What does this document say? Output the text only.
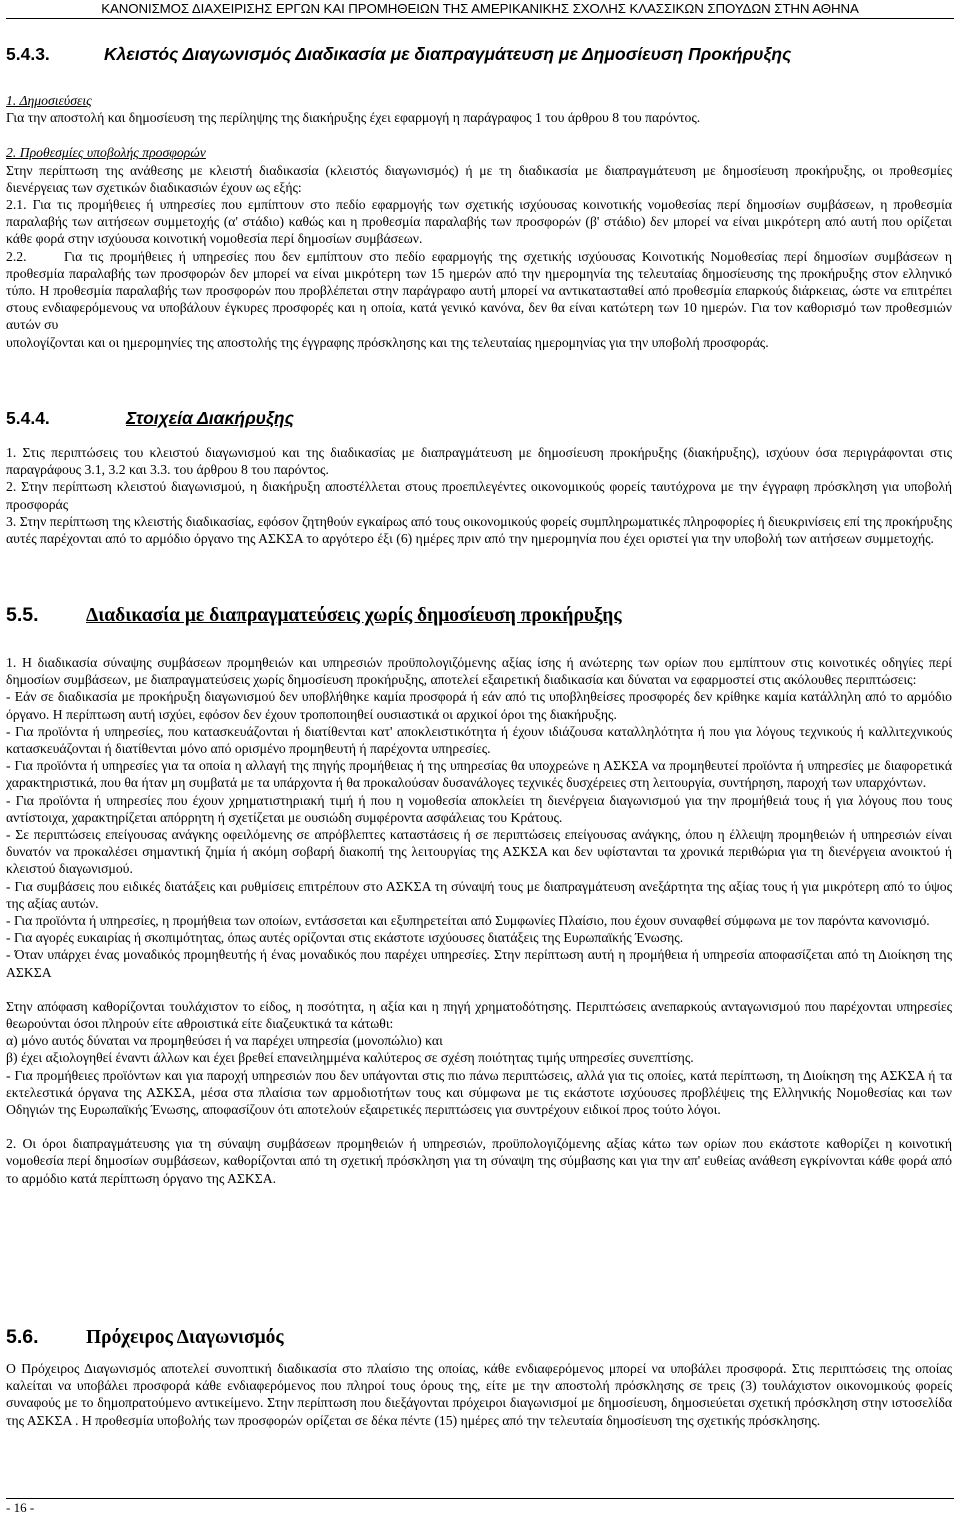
ΚΑΝΟΝΙΣΜΟΣ ΔΙΑΧΕΙΡΙΣΗΣ ΕΡΓΩΝ ΚΑΙ ΠΡΟΜΗΘΕΙΩΝ ΤΗΣ ΑΜΕΡΙΚΑΝΙΚΗΣ ΣΧΟΛΗΣ ΚΛΑΣΣΙΚΩΝ ΣΠΟΥΔΩΝ ΣΤΗΝ ΑΘΗΝΑ
5.4.3.	Κλειστός Διαγωνισμός Διαδικασία με διαπραγμάτευση με Δημοσίευση Προκήρυξης

1. Δημοσιεύσεις

Για την αποστολή και δημοσίευση της περίληψης της διακήρυξης έχει εφαρμογή η παράγραφος 1 του άρθρου 8 του παρόντος.

2. Προθεσμίες υποβολής προσφορών

Στην περίπτωση της ανάθεσης με κλειστή διαδικασία (κλειστός διαγωνισμός) ή με τη διαδικασία με διαπραγμάτευση με δημοσίευση προκήρυξης, οι προθεσμίες διενέργειας των σχετικών διαδικασιών έχουν ως εξής:

2.1. Για τις προμήθειες ή υπηρεσίες που εμπίπτουν στο πεδίο εφαρμογής των σχετικής ισχύουσας κοινοτικής νομοθεσίας περί δημοσίων συμβάσεων, η προθεσμία παραλαβής των αιτήσεων συμμετοχής (α' στάδιο) καθώς και η προθεσμία παραλαβής των προσφορών (β' στάδιο) δεν μπορεί να είναι μικρότερη από αυτή που ορίζεται κάθε φορά στην ισχύουσα κοινοτική νομοθεσία περί δημοσίων συμβάσεων.

2.2.	Για τις προμήθειες ή υπηρεσίες που δεν εμπίπτουν στο πεδίο εφαρμογής της σχετικής ισχύουσας Κοινοτικής Νομοθεσίας περί δημοσίων συμβάσεων η προθεσμία παραλαβής των προσφορών δεν μπορεί να είναι μικρότερη των 15 ημερών από την ημερομηνία της τελευταίας δημοσίευσης της προκήρυξης στον ελληνικό τύπο. Η προθεσμία παραλαβής των προσφορών που προβλέπεται στην παράγραφο αυτή μπορεί να αντικατασταθεί από προθεσμία επαρκούς διάρκειας, ώστε να επιτρέπει στους ενδιαφερόμενους να υποβάλουν έγκυρες προσφορές και η οποία, κατά γενικό κανόνα, δεν θα είναι κατώτερη των 10 ημερών. Για τον καθορισμό των προθεσμιών αυτών συ

υπολογίζονται και οι ημερομηνίες της αποστολής της έγγραφης πρόσκλησης και της τελευταίας ημερομηνίας για την υποβολή προσφοράς.

5.4.4.	Στοιχεία Διακήρυξης

1. Στις περιπτώσεις του κλειστού διαγωνισμού και της διαδικασίας με διαπραγμάτευση με δημοσίευση προκήρυξης (διακήρυξης), ισχύουν όσα περιγράφονται στις παραγράφους 3.1, 3.2 και 3.3. του άρθρου 8 του παρόντος.

2. Στην περίπτωση κλειστού διαγωνισμού, η διακήρυξη αποστέλλεται στους προεπιλεγέντες οικονομικούς φορείς ταυτόχρονα με την έγγραφη πρόσκληση για υποβολή προσφοράς

3. Στην περίπτωση της κλειστής διαδικασίας, εφόσον ζητηθούν εγκαίρως από τους οικονομικούς φορείς συμπληρωματικές πληροφορίες ή διευκρινίσεις επί της προκήρυξης αυτές παρέχονται από το αρμόδιο όργανο της ΑΣΚΣΑ το αργότερο έξι (6) ημέρες πριν από την ημερομηνία που έχει οριστεί για την υποβολή των αιτήσεων συμμετοχής.

5.5. Διαδικασία με διαπραγματεύσεις χωρίς δημοσίευση προκήρυξης

1. Η διαδικασία σύναψης συμβάσεων προμηθειών και υπηρεσιών προϋπολογιζόμενης αξίας ίσης ή ανώτερης των ορίων που εμπίπτουν στις κοινοτικές οδηγίες περί δημοσίων συμβάσεων, με διαπραγματεύσεις χωρίς δημοσίευση προκήρυξης, αποτελεί εξαιρετική διαδικασία και δύναται να εφαρμοστεί στις ακόλουθες περιπτώσεις:

- Εάν σε διαδικασία με προκήρυξη διαγωνισμού δεν υποβλήθηκε καμία προσφορά ή εάν από τις υποβληθείσες προσφορές δεν κρίθηκε καμία κατάλληλη από το αρμόδιο όργανο. Η περίπτωση αυτή ισχύει, εφόσον δεν έχουν τροποποιηθεί ουσιαστικά οι αρχικοί όροι της διακήρυξης.

- Για προϊόντα ή υπηρεσίες, που κατασκευάζονται ή διατίθενται κατ' αποκλειστικότητα ή έχουν ιδιάζουσα καταλληλότητα ή που για λόγους τεχνικούς ή καλλιτεχνικούς κατασκευάζονται ή διατίθενται μόνο από ορισμένο προμηθευτή ή παρέχοντα υπηρεσίες.

- Για προϊόντα ή υπηρεσίες για τα οποία η αλλαγή της πηγής προμήθειας ή της υπηρεσίας θα υποχρεώνε η ΑΣΚΣΑ να προμηθευτεί προϊόντα ή υπηρεσίες με διαφορετικά χαρακτηριστικά, που θα ήταν μη συμβατά με τα υπάρχοντα ή θα προκαλούσαν δυσανάλογες τεχνικές δυσχέρειες στη λειτουργία, συντήρηση, παροχή των υπαρχόντων.

- Για προϊόντα ή υπηρεσίες που έχουν χρηματιστηριακή τιμή ή που η νομοθεσία αποκλείει τη διενέργεια διαγωνισμού για την προμήθειά τους ή για λόγους που τους αντίστοιχα, χαρακτηρίζεται απόρρητη ή σχετίζεται με ουσιώδη συμφέροντα ασφάλειας του Κράτους.

- Σε περιπτώσεις επείγουσας ανάγκης οφειλόμενης σε απρόβλεπτες καταστάσεις ή σε περιπτώσεις επείγουσας ανάγκης, όπου η έλλειψη προμηθειών ή υπηρεσιών είναι δυνατόν να προκαλέσει σημαντική ζημία ή ακόμη σοβαρή διακοπή της λειτουργίας της ΑΣΚΣΑ και δεν υφίστανται τα χρονικά περιθώρια για τη διενέργεια ανοικτού ή κλειστού διαγωνισμού.

- Για συμβάσεις που ειδικές διατάξεις και ρυθμίσεις επιτρέπουν στο ΑΣΚΣΑ τη σύναψή τους με διαπραγμάτευση ανεξάρτητα της αξίας τους ή για μικρότερη από το ύψος της αξίας αυτών.

- Για προϊόντα ή υπηρεσίες, η προμήθεια των οποίων, εντάσσεται και εξυπηρετείται από Συμφωνίες Πλαίσιο, που έχουν συναφθεί σύμφωνα με τον παρόντα κανονισμό.

- Για αγορές ευκαιρίας ή σκοπιμότητας, όπως αυτές ορίζονται στις εκάστοτε ισχύουσες διατάξεις της Ευρωπαϊκής Ένωσης.

- Όταν υπάρχει ένας μοναδικός προμηθευτής ή ένας μοναδικός που παρέχει υπηρεσίες. Στην περίπτωση αυτή η προμήθεια ή υπηρεσία αποφασίζεται από τη Διοίκηση της ΑΣΚΣΑ

Στην απόφαση καθορίζονται τουλάχιστον το είδος, η ποσότητα, η αξία και η πηγή χρηματοδότησης. Περιπτώσεις ανεπαρκούς ανταγωνισμού που παρέχονται υπηρεσίες θεωρούνται όσοι πληρούν είτε αθροιστικά είτε διαζευκτικά τα κάτωθι:

α) μόνο αυτός δύναται να προμηθεύσει ή να παρέχει υπηρεσία (μονοπώλιο) και

β) έχει αξιολογηθεί έναντι άλλων και έχει βρεθεί επανειλημμένα καλύτερος σε σχέση ποιότητας τιμής υπηρεσίες συνεπτίσης.

- Για προμήθειες προϊόντων και για παροχή υπηρεσιών που δεν υπάγονται στις πιο πάνω περιπτώσεις, αλλά για τις οποίες, κατά περίπτωση, τη Διοίκηση της ΑΣΚΣΑ ή τα εκτελεστικά όργανα της ΑΣΚΣΑ, μέσα στα πλαίσια των αρμοδιοτήτων τους και σύμφωνα με τις εκάστοτε ισχύουσες προβλέψεις της Ελληνικής Νομοθεσίας και των Οδηγιών της Ευρωπαϊκής Ένωσης, αποφασίζουν ότι αποτελούν εξαιρετικές περιπτώσεις για συντρέχουν ειδικοί προς τούτο λόγοι.

2. Οι όροι διαπραγμάτευσης για τη σύναψη συμβάσεων προμηθειών ή υπηρεσιών, προϋπολογιζόμενης αξίας κάτω των ορίων που εκάστοτε καθορίζει η κοινοτική νομοθεσία περί δημοσίων συμβάσεων, καθορίζονται από τη σχετική πρόσκληση για τη σύναψη της σύμβασης και για την απ' ευθείας ανάθεση εγκρίνονται κάθε φορά από το αρμόδιο κατά περίπτωση όργανο της ΑΣΚΣΑ.

5.6. Πρόχειρος Διαγωνισμός

Ο Πρόχειρος Διαγωνισμός αποτελεί συνοπτική διαδικασία στο πλαίσιο της οποίας, κάθε ενδιαφερόμενος μπορεί να υποβάλει προσφορά. Στις περιπτώσεις της οποίας καλείται να υποβάλει προσφορά κάθε ενδιαφερόμενος που πληροί τους όρους της, είτε με την αποστολή πρόσκλησης σε τρεις (3) τουλάχιστον οικονομικούς φορείς συναφούς με το δημοπρατούμενο αντικείμενο. Στην περίπτωση που διεξάγονται πρόχειροι διαγωνισμοί με δημοσίευση, δημοσιεύεται σχετική πρόσκληση στην ιστοσελίδα της ΑΣΚΣΑ . Η προθεσμία υποβολής των προσφορών ορίζεται σε δέκα πέντε (15) ημέρες από την τελευταία δημοσίευση της σχετικής πρόσκλησης.

- 16 -
